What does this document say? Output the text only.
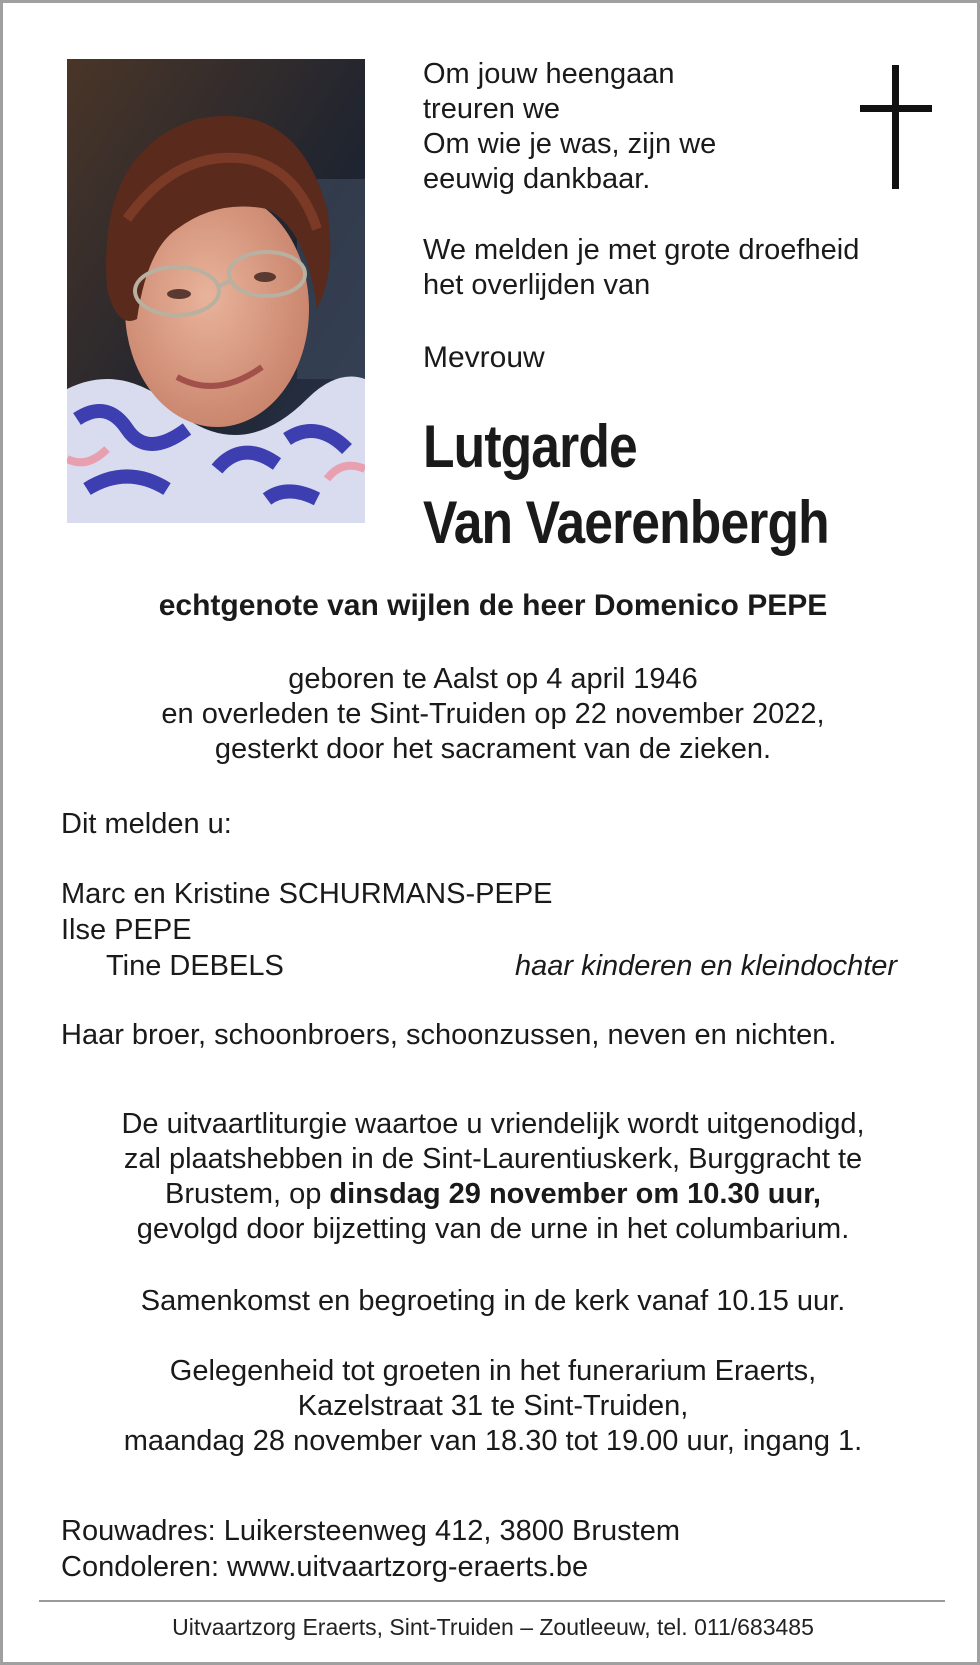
Om jouw heengaan
treuren we
Om wie je was, zijn we
eeuwig dankbaar.
We melden je met grote droefheid
het overlijden van
Mevrouw
Lutgarde
Van Vaerenbergh
echtgenote van wijlen de heer Domenico PEPE
geboren te Aalst op 4 april 1946
en overleden te Sint-Truiden op 22 november 2022,
gesterkt door het sacrament van de zieken.
Dit melden u:
Marc en Kristine SCHURMANS-PEPE
Ilse PEPE
Tine DEBELS	haar kinderen en kleindochter
Haar broer, schoonbroers, schoonzussen, neven en nichten.
De uitvaartliturgie waartoe u vriendelijk wordt uitgenodigd,
zal plaatshebben in de Sint-Laurentiuskerk, Burggracht te
Brustem, op dinsdag 29 november om 10.30 uur,
gevolgd door bijzetting van de urne in het columbarium.
Samenkomst en begroeting in de kerk vanaf 10.15 uur.
Gelegenheid tot groeten in het funerarium Eraerts,
Kazelstraat 31 te Sint-Truiden,
maandag 28 november van 18.30 tot 19.00 uur, ingang 1.
Rouwadres: Luikersteenweg 412, 3800 Brustem
Condoleren: www.uitvaartzorg-eraerts.be
Uitvaartzorg Eraerts, Sint-Truiden – Zoutleeuw, tel. 011/683485
